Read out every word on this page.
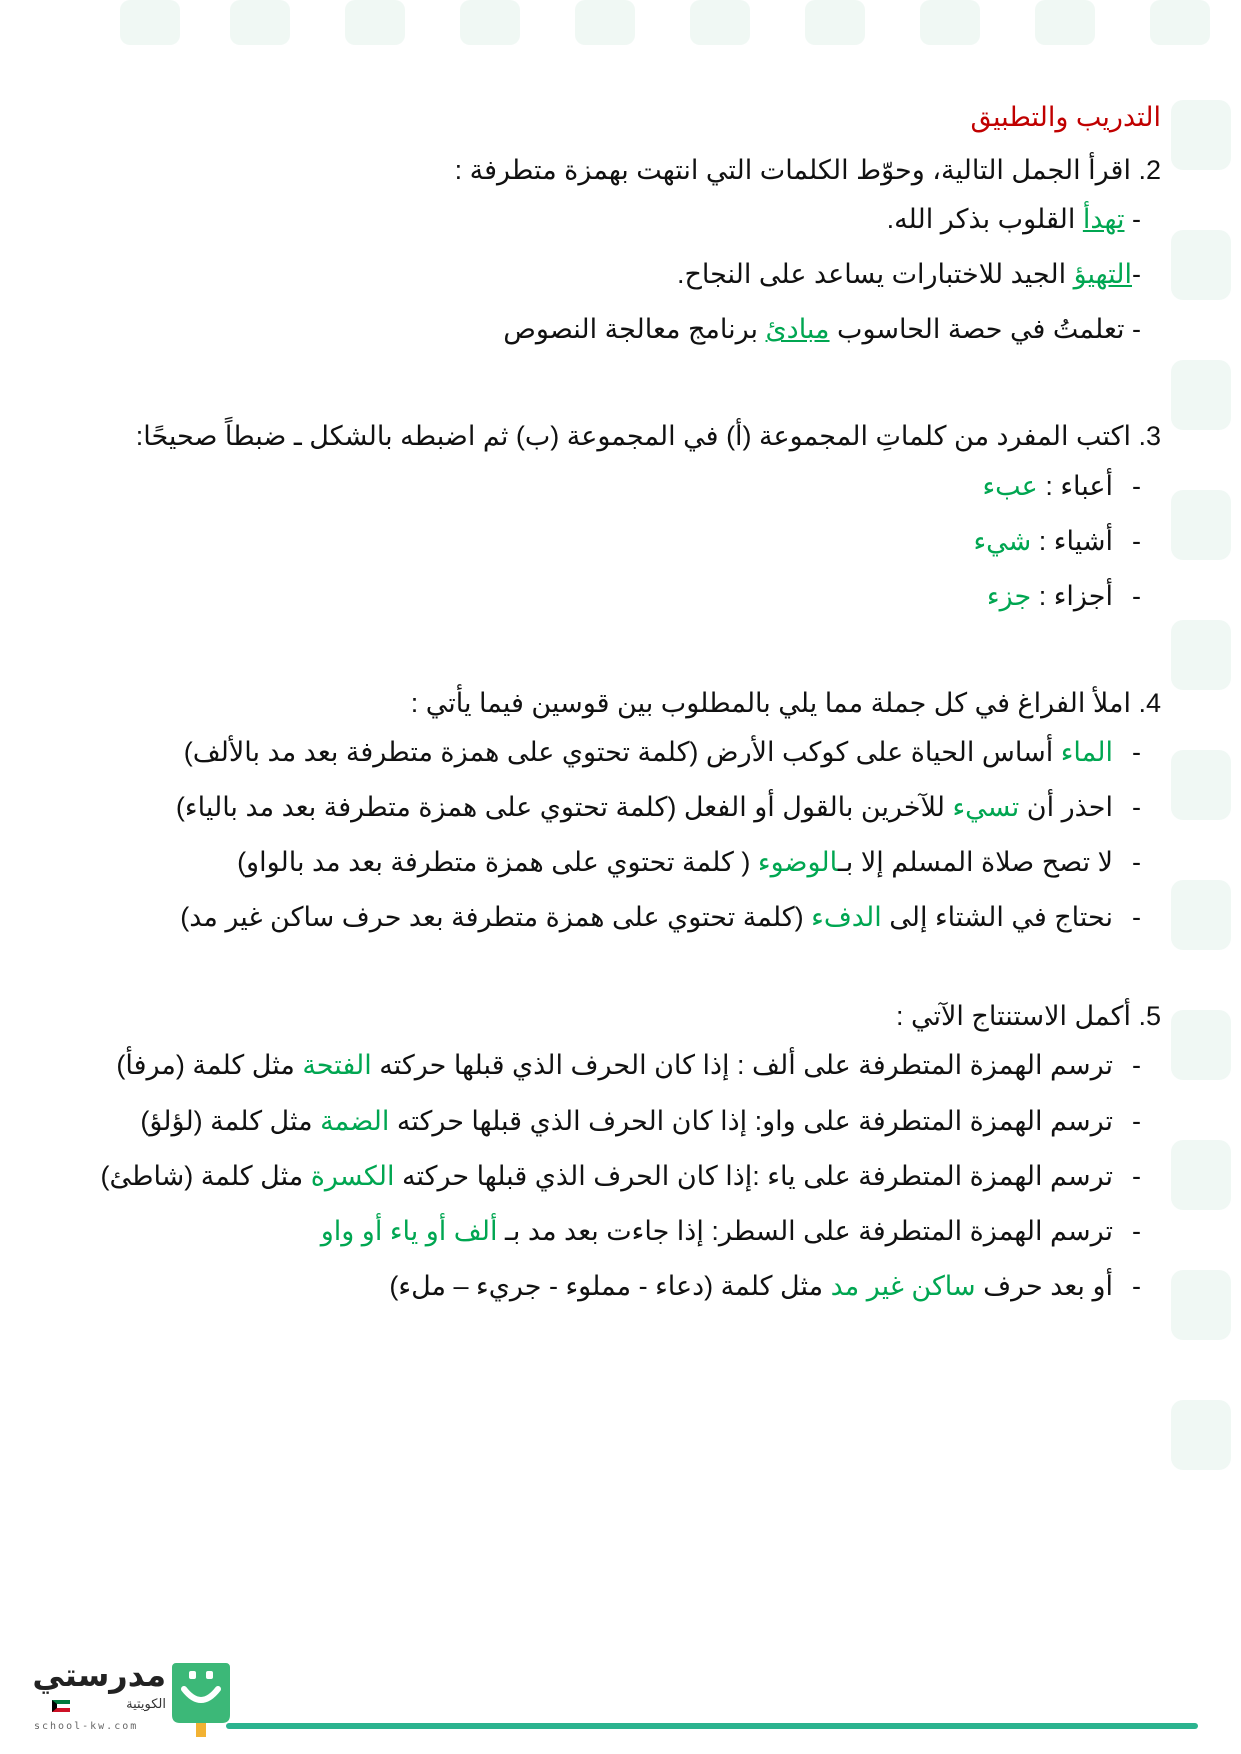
التدريب والتطبيق
2. اقرأ الجمل التالية، وحوّط الكلمات التي انتهت بهمزة متطرفة :
- تهدأ القلوب بذكر الله.
-التهيؤ الجيد للاختبارات يساعد على النجاح.
- تعلمتُ في حصة الحاسوب مبادئ برنامج معالجة النصوص
3. اكتب المفرد من كلماتِ المجموعة (أ) في المجموعة (ب) ثم اضبطه بالشكل ـ ضبطاً صحيحًا:
-أعباء : عبء
-أشياء : شيء
-أجزاء : جزء
4. املأ الفراغ في كل جملة مما يلي بالمطلوب بين قوسين فيما يأتي :
-الماء أساس الحياة على كوكب الأرض (كلمة تحتوي على همزة متطرفة بعد مد بالألف)
-احذر أن تسيء للآخرين بالقول أو الفعل (كلمة تحتوي على همزة متطرفة بعد مد بالياء)
-لا تصح صلاة المسلم إلا بـالوضوء ( كلمة تحتوي على همزة متطرفة بعد مد بالواو)
-نحتاج في الشتاء إلى الدفء (كلمة تحتوي على همزة متطرفة بعد حرف ساكن غير مد)
5. أكمل الاستنتاج الآتي :
-ترسم الهمزة المتطرفة على ألف : إذا كان الحرف الذي قبلها حركته الفتحة مثل كلمة (مرفأ)
-ترسم الهمزة المتطرفة على واو: إذا كان الحرف الذي قبلها حركته الضمة مثل كلمة (لؤلؤ)
-ترسم الهمزة المتطرفة على ياء :إذا كان الحرف الذي قبلها حركته الكسرة مثل كلمة (شاطئ)
-ترسم الهمزة المتطرفة على السطر: إذا جاءت بعد مد بـ ألف أو ياء أو واو
-أو بعد حرف ساكن غير مد مثل كلمة (دعاء - مملوء - جريء – ملء)
مدرستي
الكويتية
school-kw.com
